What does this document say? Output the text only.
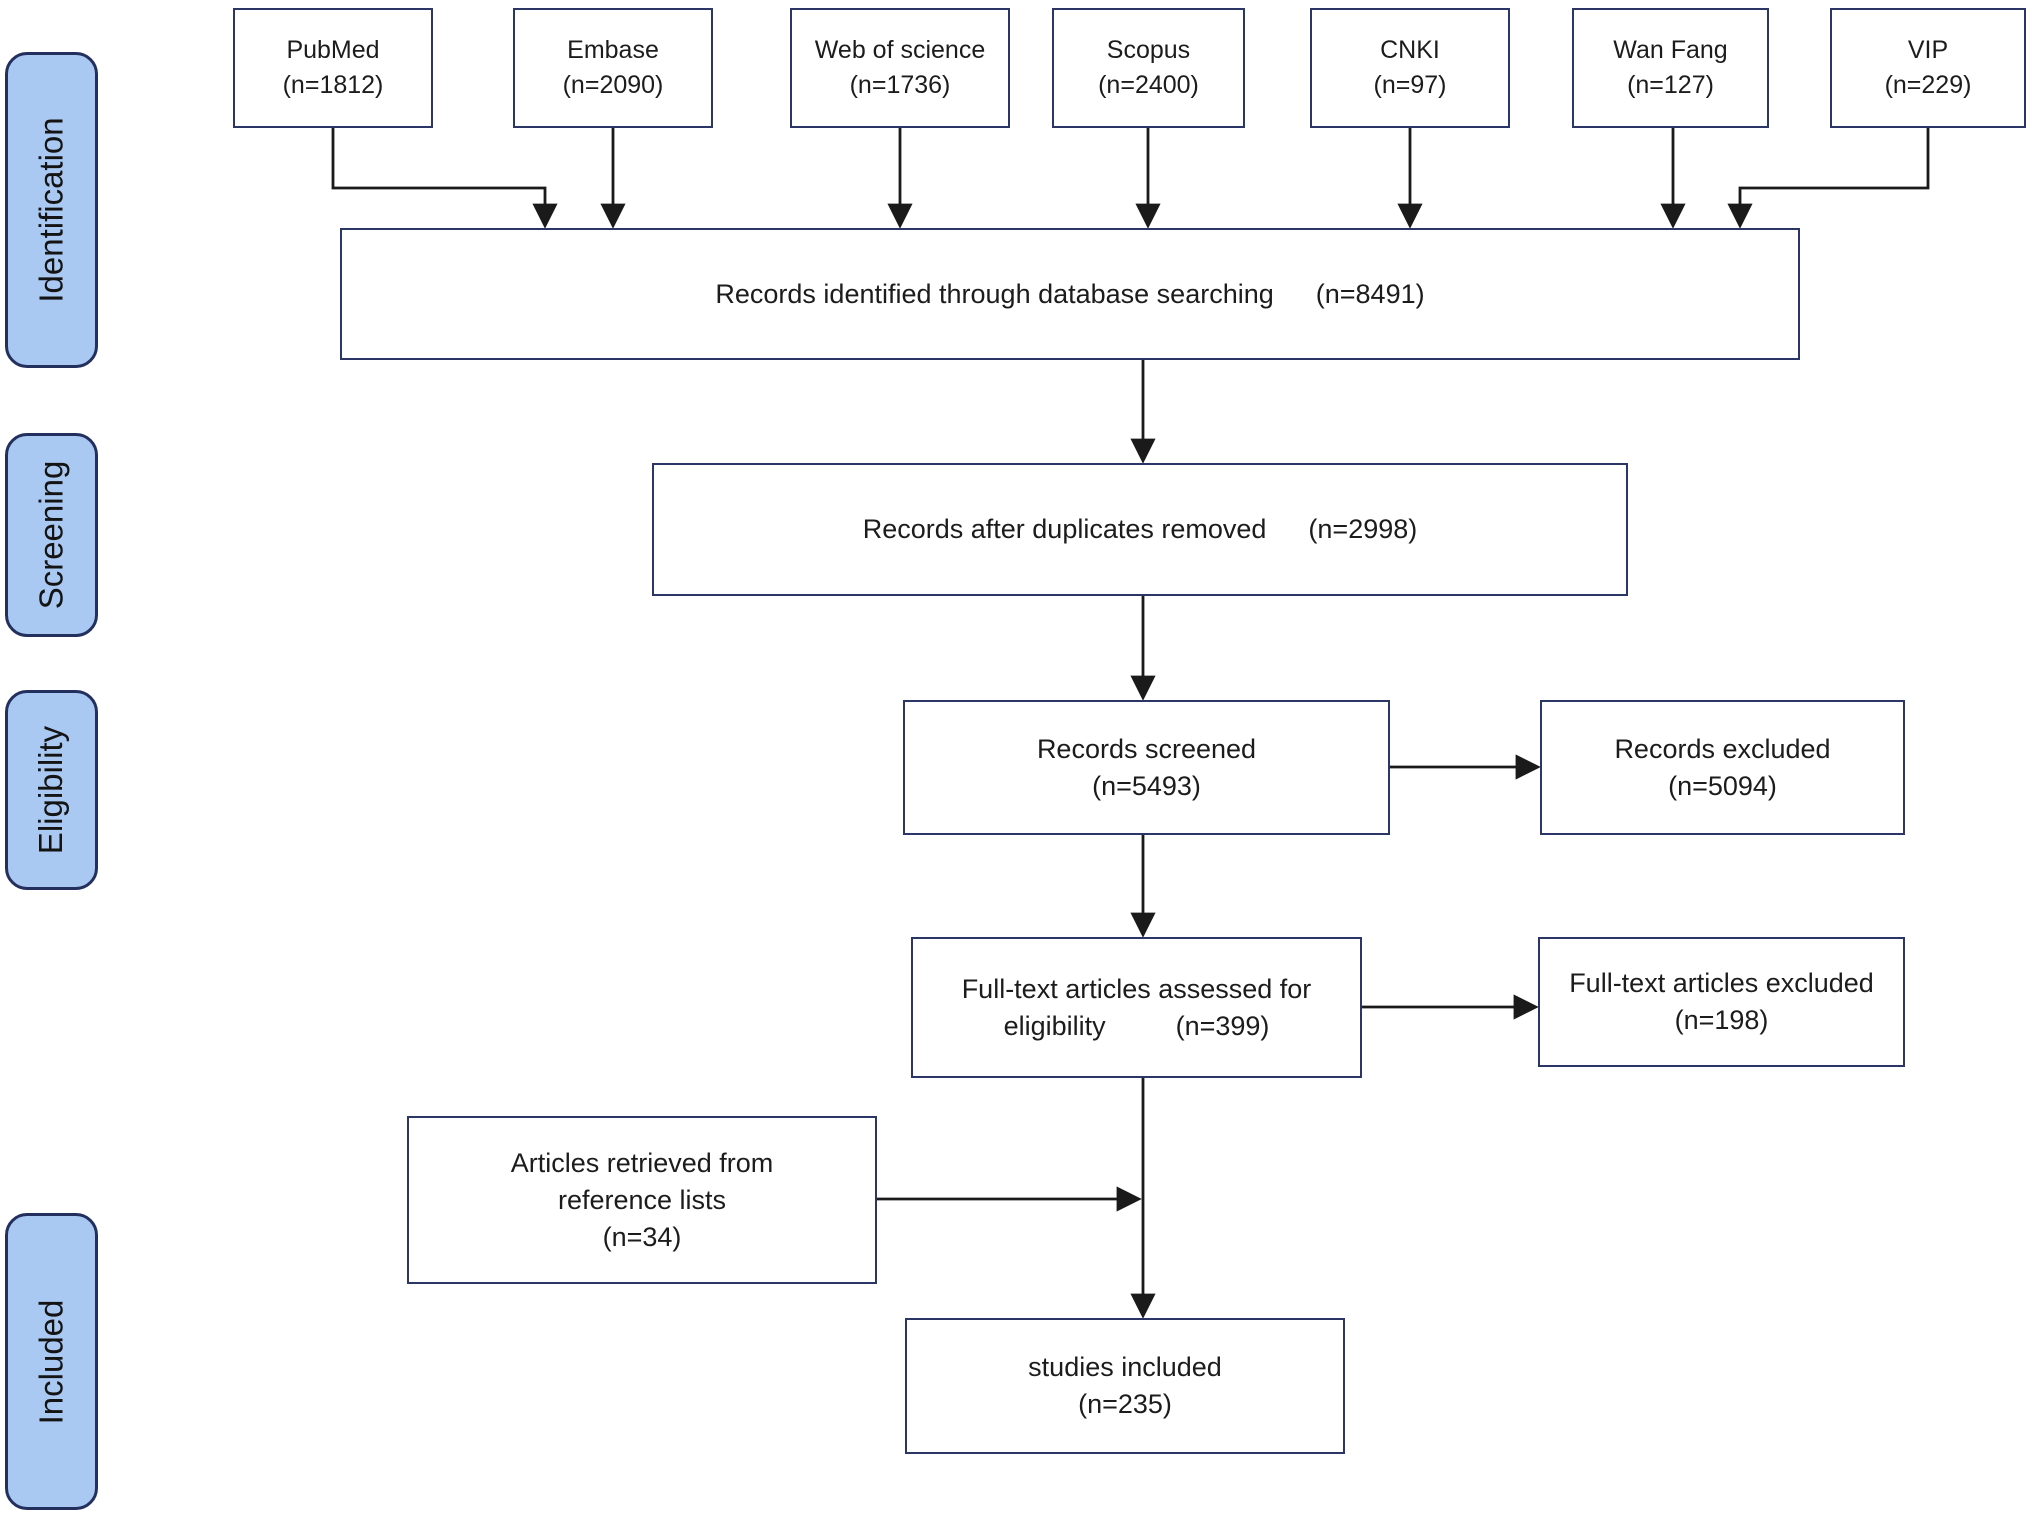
Identification
Screening
Eligibility
Included
PubMed
(n=1812)
Embase
(n=2090)
Web of science
(n=1736)
Scopus
(n=2400)
CNKI
(n=97)
Wan Fang
(n=127)
VIP
(n=229)
Records identified through database searching (n=8491)
Records after duplicates removed (n=2998)
Records screened
(n=5493)
Records excluded
(n=5094)
Full-text articles assessed for
eligibility	(n=399)
Full-text articles excluded
(n=198)
Articles retrieved from
reference lists
(n=34)
studies included
(n=235)
